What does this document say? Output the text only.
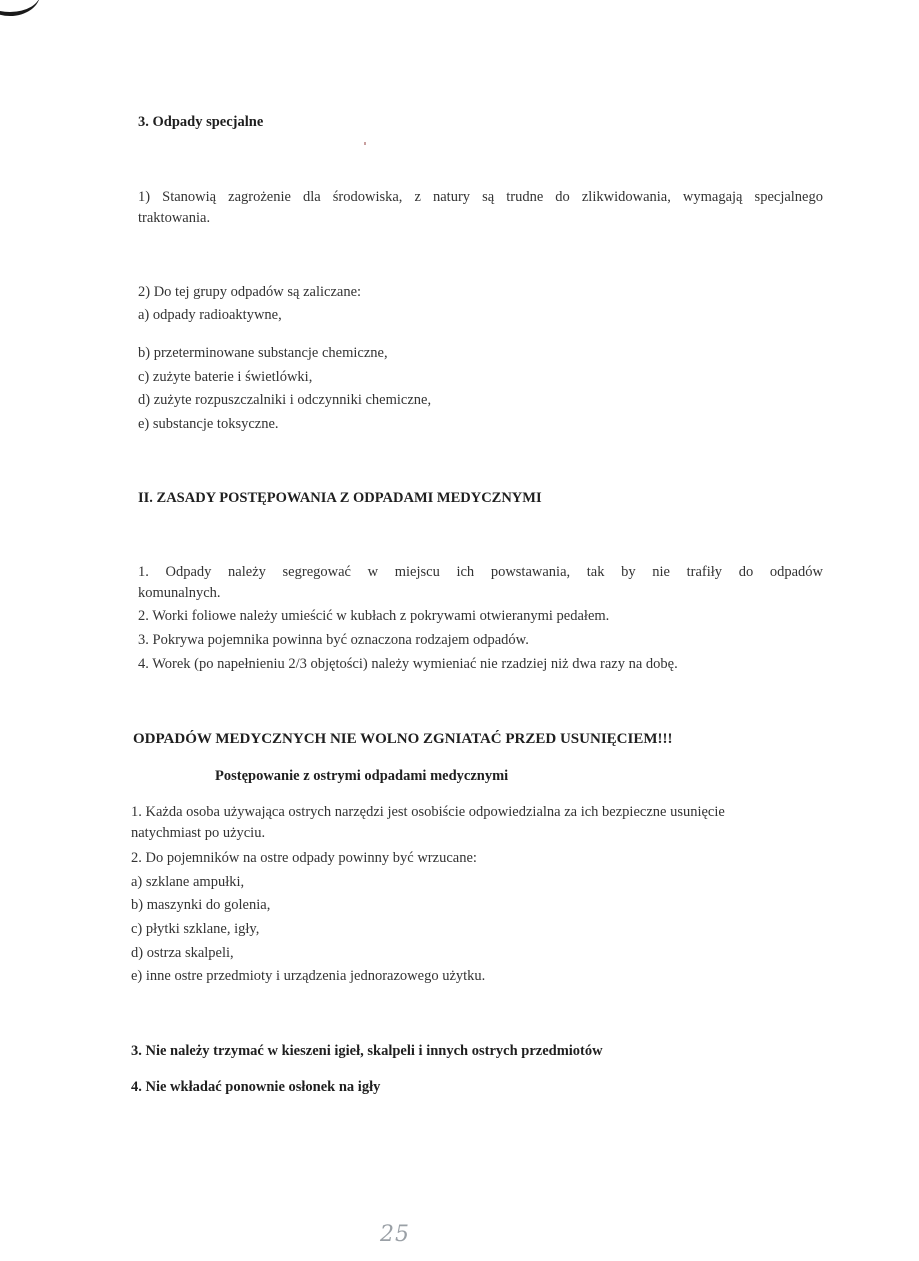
3. Odpady specjalne
1) Stanowią zagrożenie dla środowiska, z natury są trudne do zlikwidowania, wymagają specjalnego
traktowania.
2) Do tej grupy odpadów są zaliczane:
a) odpady radioaktywne,
b) przeterminowane substancje chemiczne,
c) zużyte baterie i świetlówki,
d) zużyte rozpuszczalniki i odczynniki chemiczne,
e) substancje toksyczne.
II. ZASADY POSTĘPOWANIA Z ODPADAMI MEDYCZNYMI
1. Odpady należy segregować w miejscu ich powstawania, tak by nie trafiły do odpadów
komunalnych.
2. Worki foliowe należy umieścić w kubłach z pokrywami otwieranymi pedałem.
3. Pokrywa pojemnika powinna być oznaczona rodzajem odpadów.
4. Worek (po napełnieniu 2/3 objętości) należy wymieniać nie rzadziej niż dwa razy na dobę.
ODPADÓW MEDYCZNYCH NIE WOLNO ZGNIATAĆ PRZED USUNIĘCIEM!!!
Postępowanie z ostrymi odpadami medycznymi
1. Każda osoba używająca ostrych narzędzi jest osobiście odpowiedzialna za ich bezpieczne usunięcie
natychmiast po użyciu.
2. Do pojemników na ostre odpady powinny być wrzucane:
a) szklane ampułki,
b) maszynki do golenia,
c) płytki szklane, igły,
d) ostrza skalpeli,
e) inne ostre przedmioty i urządzenia jednorazowego użytku.
3. Nie należy trzymać w kieszeni igieł, skalpeli i innych ostrych przedmiotów
4. Nie wkładać ponownie osłonek na igły
25
